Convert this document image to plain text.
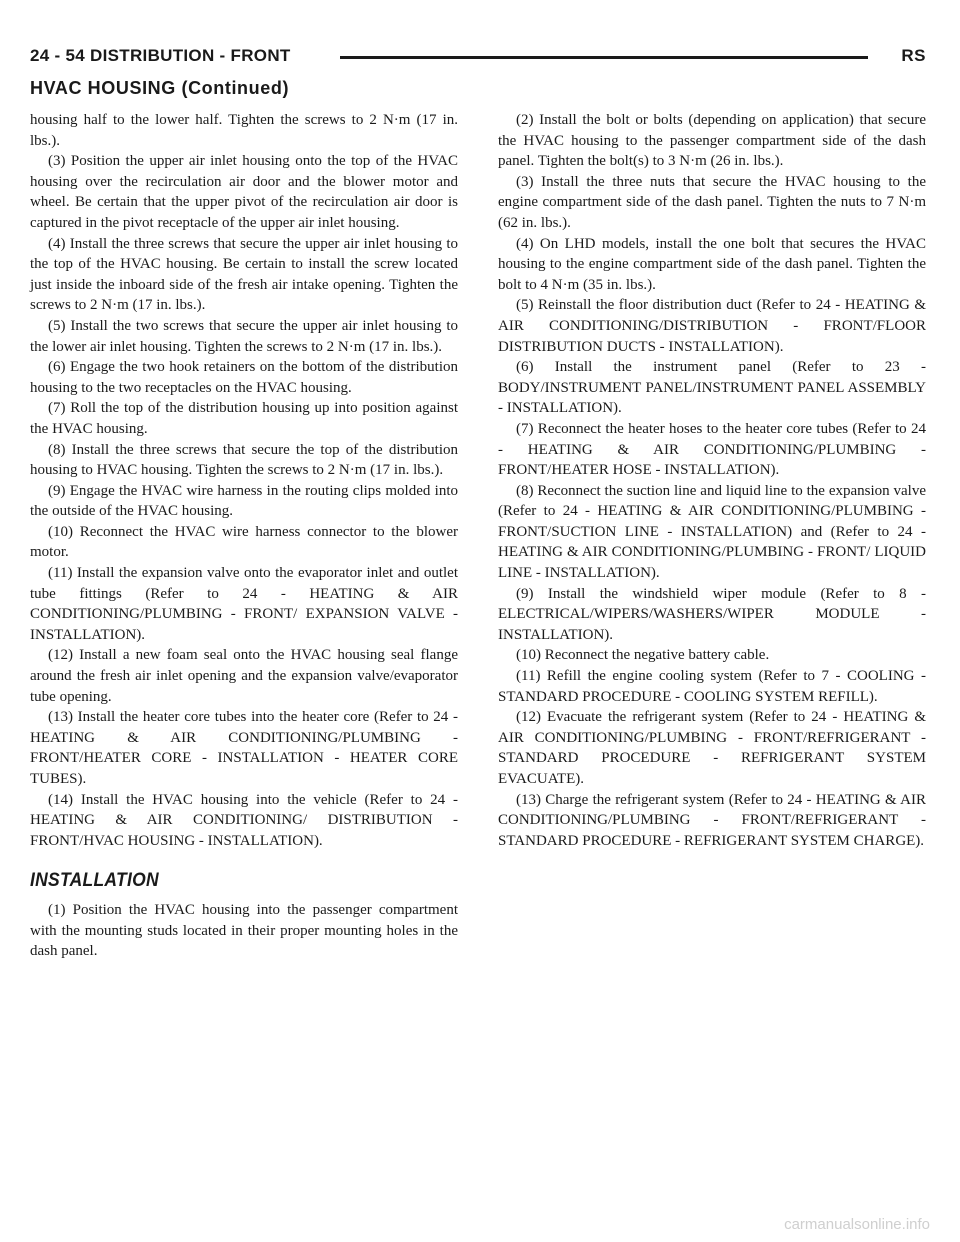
24 - 54 DISTRIBUTION - FRONT	RS
HVAC HOUSING (Continued)

housing half to the lower half. Tighten the screws to 2 N·m (17 in. lbs.).

(3) Position the upper air inlet housing onto the top of the HVAC housing over the recirculation air door and the blower motor and wheel. Be certain that the upper pivot of the recirculation air door is captured in the pivot receptacle of the upper air inlet housing.

(4) Install the three screws that secure the upper air inlet housing to the top of the HVAC housing. Be certain to install the screw located just inside the inboard side of the fresh air intake opening. Tighten the screws to 2 N·m (17 in. lbs.).

(5) Install the two screws that secure the upper air inlet housing to the lower air inlet housing. Tighten the screws to 2 N·m (17 in. lbs.).

(6) Engage the two hook retainers on the bottom of the distribution housing to the two receptacles on the HVAC housing.

(7) Roll the top of the distribution housing up into position against the HVAC housing.

(8) Install the three screws that secure the top of the distribution housing to HVAC housing. Tighten the screws to 2 N·m (17 in. lbs.).

(9) Engage the HVAC wire harness in the routing clips molded into the outside of the HVAC housing.

(10) Reconnect the HVAC wire harness connector to the blower motor.

(11) Install the expansion valve onto the evaporator inlet and outlet tube fittings (Refer to 24 - HEATING & AIR CONDITIONING/PLUMBING - FRONT/ EXPANSION VALVE - INSTALLATION).

(12) Install a new foam seal onto the HVAC housing seal flange around the fresh air inlet opening and the expansion valve/evaporator tube opening.

(13) Install the heater core tubes into the heater core (Refer to 24 - HEATING & AIR CONDITIONING/PLUMBING - FRONT/HEATER CORE - INSTALLATION - HEATER CORE TUBES).

(14) Install the HVAC housing into the vehicle (Refer to 24 - HEATING & AIR CONDITIONING/ DISTRIBUTION - FRONT/HVAC HOUSING - INSTALLATION).

INSTALLATION

(1) Position the HVAC housing into the passenger compartment with the mounting studs located in their proper mounting holes in the dash panel.

(2) Install the bolt or bolts (depending on application) that secure the HVAC housing to the passenger compartment side of the dash panel. Tighten the bolt(s) to 3 N·m (26 in. lbs.).

(3) Install the three nuts that secure the HVAC housing to the engine compartment side of the dash panel. Tighten the nuts to 7 N·m (62 in. lbs.).

(4) On LHD models, install the one bolt that secures the HVAC housing to the engine compartment side of the dash panel. Tighten the bolt to 4 N·m (35 in. lbs.).

(5) Reinstall the floor distribution duct (Refer to 24 - HEATING & AIR CONDITIONING/DISTRIBUTION - FRONT/FLOOR DISTRIBUTION DUCTS - INSTALLATION).

(6) Install the instrument panel (Refer to 23 - BODY/INSTRUMENT PANEL/INSTRUMENT PANEL ASSEMBLY - INSTALLATION).

(7) Reconnect the heater hoses to the heater core tubes (Refer to 24 - HEATING & AIR CONDITIONING/PLUMBING - FRONT/HEATER HOSE - INSTALLATION).

(8) Reconnect the suction line and liquid line to the expansion valve (Refer to 24 - HEATING & AIR CONDITIONING/PLUMBING - FRONT/SUCTION LINE - INSTALLATION) and (Refer to 24 - HEATING & AIR CONDITIONING/PLUMBING - FRONT/ LIQUID LINE - INSTALLATION).

(9) Install the windshield wiper module (Refer to 8 - ELECTRICAL/WIPERS/WASHERS/WIPER MODULE - INSTALLATION).

(10) Reconnect the negative battery cable.

(11) Refill the engine cooling system (Refer to 7 - COOLING - STANDARD PROCEDURE - COOLING SYSTEM REFILL).

(12) Evacuate the refrigerant system (Refer to 24 - HEATING & AIR CONDITIONING/PLUMBING - FRONT/REFRIGERANT - STANDARD PROCEDURE - REFRIGERANT SYSTEM EVACUATE).

(13) Charge the refrigerant system (Refer to 24 - HEATING & AIR CONDITIONING/PLUMBING - FRONT/REFRIGERANT - STANDARD PROCEDURE - REFRIGERANT SYSTEM CHARGE).

carmanualsonline.info
